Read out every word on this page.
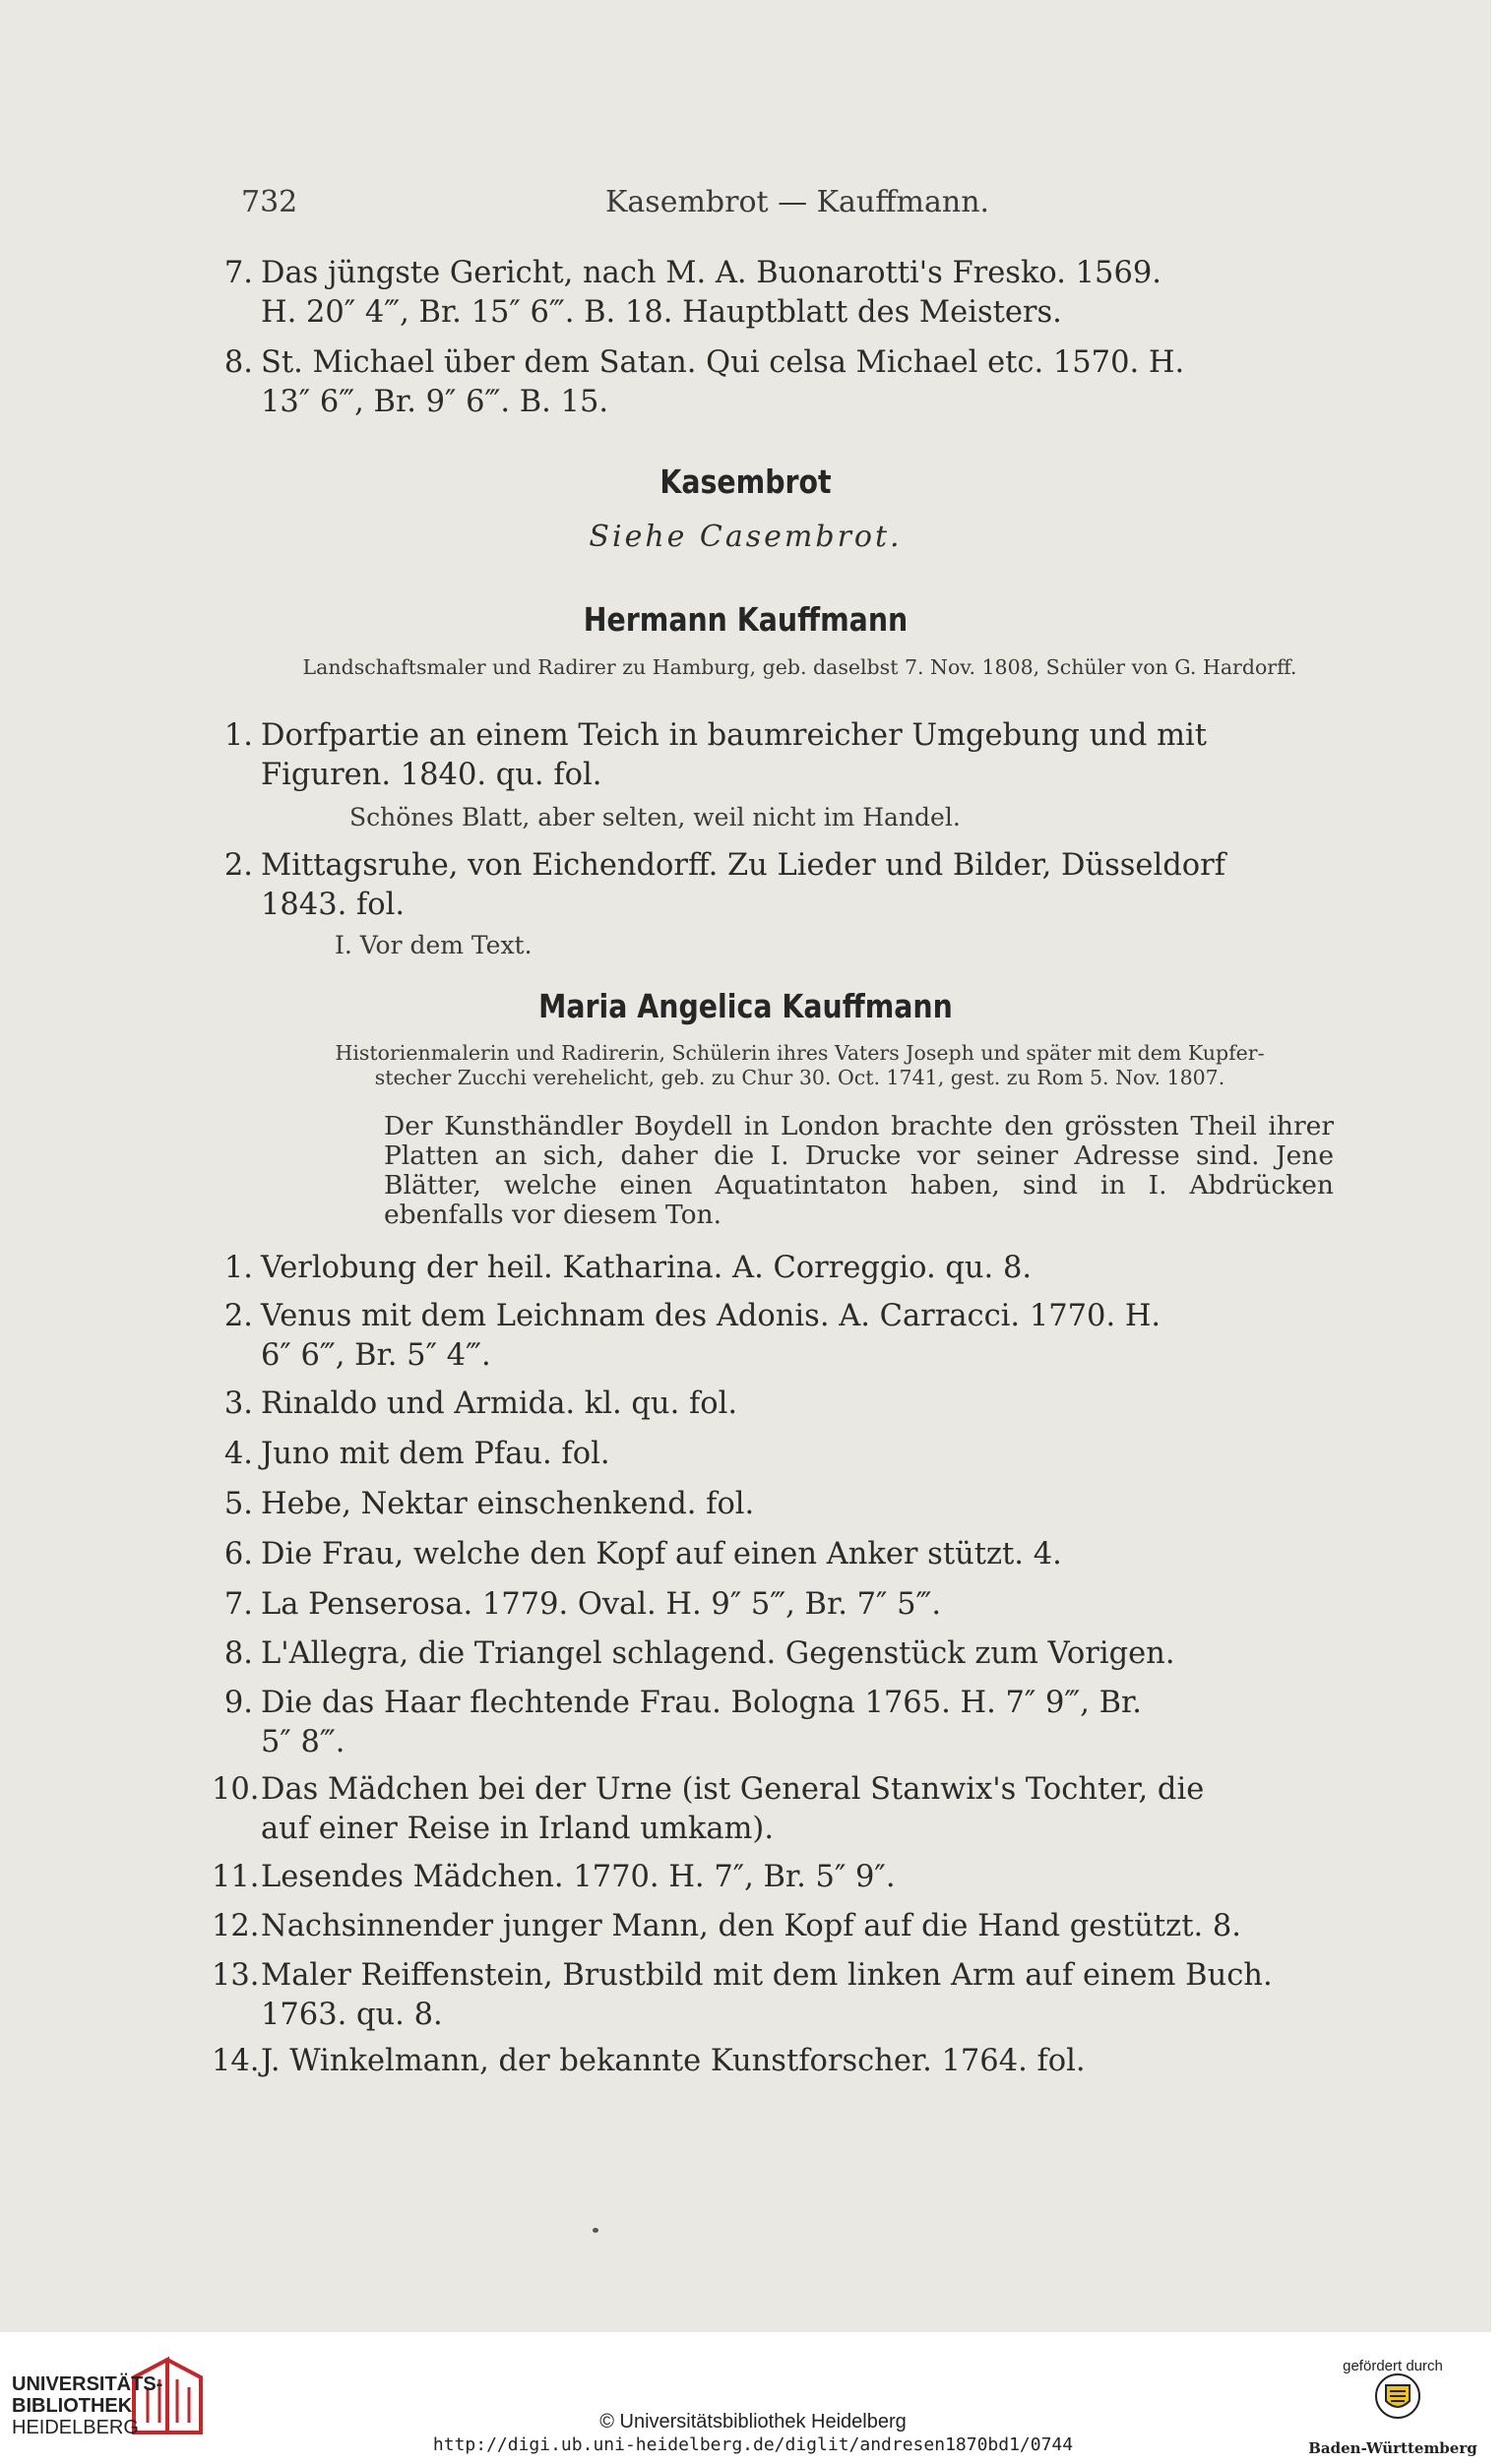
732	Kasembrot — Kauffmann.
7. Das jüngste Gericht, nach M. A. Buonarotti's Fresko. 1569.
H. 20″ 4‴, Br. 15″ 6‴. B. 18. Hauptblatt des Meisters.
8. St. Michael über dem Satan. Qui celsa Michael etc. 1570. H.
13″ 6‴, Br. 9″ 6‴. B. 15.
Kasembrot
Siehe Casembrot.
Hermann Kauffmann
Landschaftsmaler und Radirer zu Hamburg, geb. daselbst 7. Nov. 1808, Schüler von G. Hardorff.
1. Dorfpartie an einem Teich in baumreicher Umgebung und mit
Figuren. 1840. qu. fol.
Schönes Blatt, aber selten, weil nicht im Handel.
2. Mittagsruhe, von Eichendorff. Zu Lieder und Bilder, Düsseldorf
1843. fol.
I. Vor dem Text.
Maria Angelica Kauffmann
Historienmalerin und Radirerin, Schülerin ihres Vaters Joseph und später mit dem Kupfer-
stecher Zucchi verehelicht, geb. zu Chur 30. Oct. 1741, gest. zu Rom 5. Nov. 1807.
Der Kunsthändler Boydell in London brachte den grössten Theil ihrer Platten an sich, daher die I. Drucke vor seiner Adresse sind. Jene Blätter, welche einen Aquatintaton haben, sind in I. Abdrücken ebenfalls vor diesem Ton.
1. Verlobung der heil. Katharina. A. Correggio. qu. 8.
2. Venus mit dem Leichnam des Adonis. A. Carracci. 1770. H.
6″ 6‴, Br. 5″ 4‴.
3. Rinaldo und Armida. kl. qu. fol.
4. Juno mit dem Pfau. fol.
5. Hebe, Nektar einschenkend. fol.
6. Die Frau, welche den Kopf auf einen Anker stützt. 4.
7. La Penserosa. 1779. Oval. H. 9″ 5‴, Br. 7″ 5‴.
8. L'Allegra, die Triangel schlagend. Gegenstück zum Vorigen.
9. Die das Haar flechtende Frau. Bologna 1765. H. 7″ 9‴, Br.
5″ 8‴.
10. Das Mädchen bei der Urne (ist General Stanwix's Tochter, die
auf einer Reise in Irland umkam).
11. Lesendes Mädchen. 1770. H. 7″, Br. 5″ 9″.
12. Nachsinnender junger Mann, den Kopf auf die Hand gestützt. 8.
13. Maler Reiffenstein, Brustbild mit dem linken Arm auf einem Buch.
1763. qu. 8.
14. J. Winkelmann, der bekannte Kunstforscher. 1764. fol.
UNIVERSITÄTS-
BIBLIOTHEK
HEIDELBERG	© Universitätsbibliothek Heidelberg
http://digi.ub.uni-heidelberg.de/diglit/andresen1870bd1/0744
gefördert durch
Baden-Württemberg
